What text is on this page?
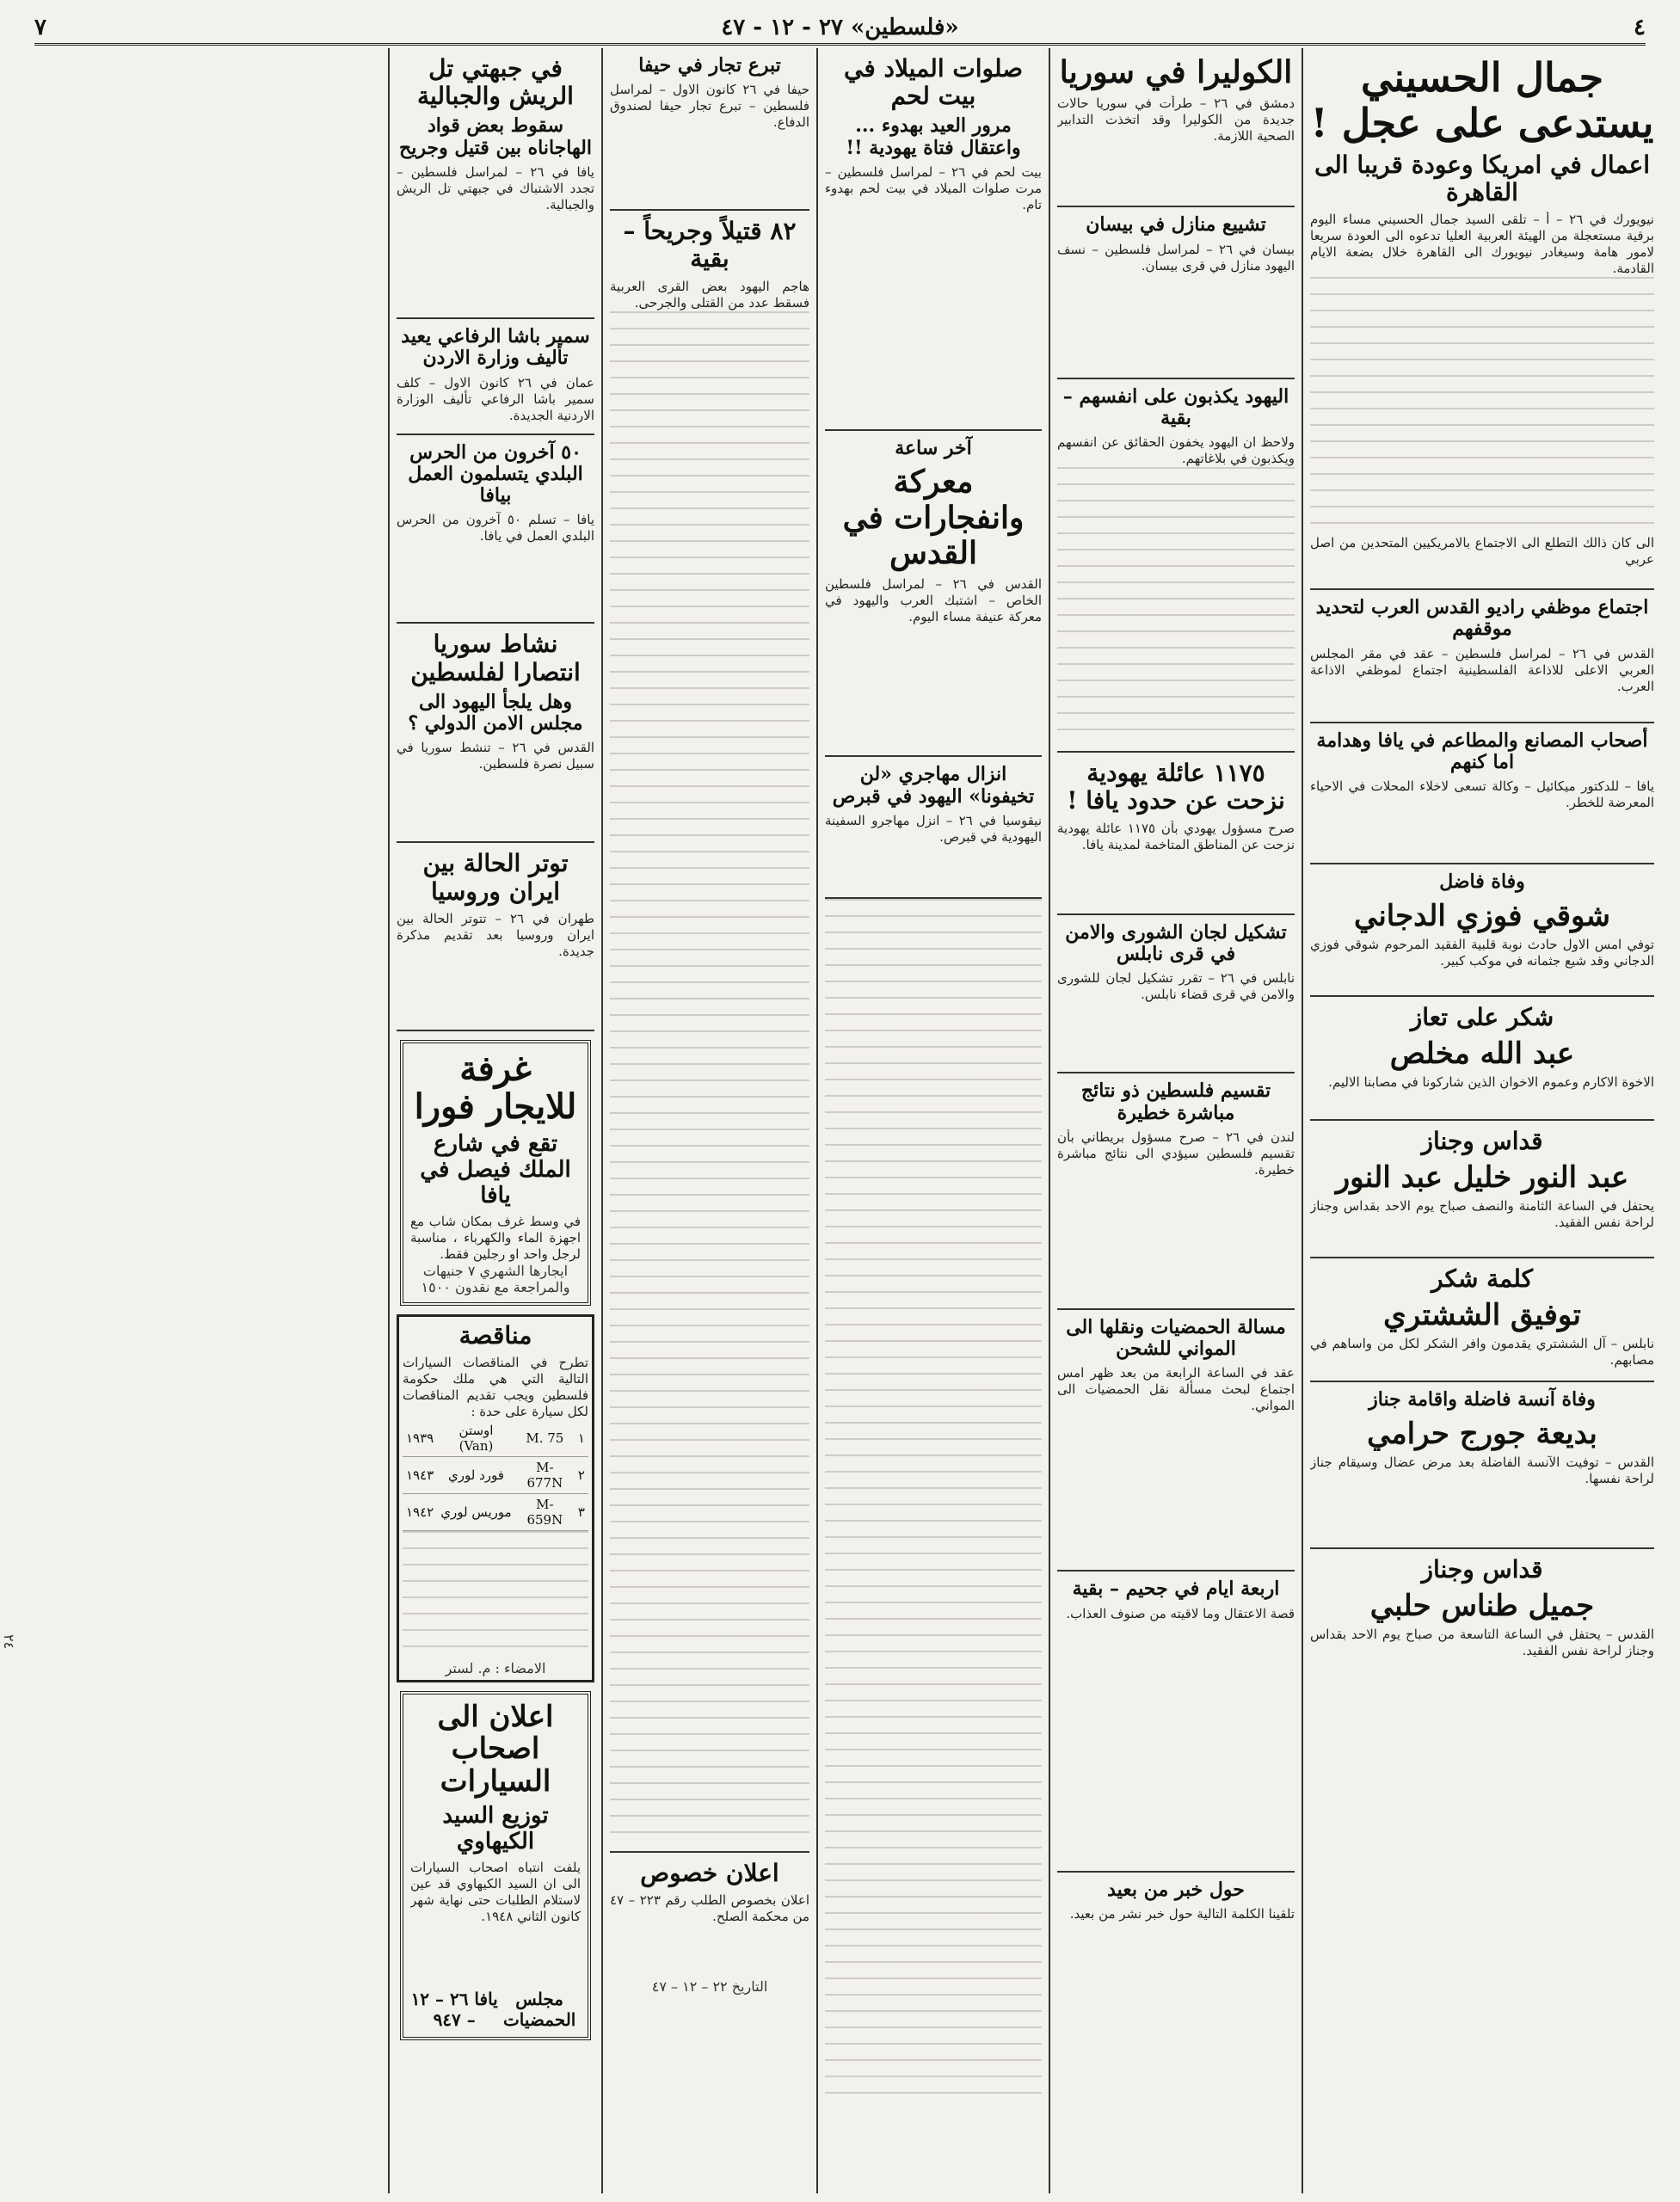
٤
«فلسطين» ٢٧ - ١٢ - ٤٧
٧
جمال الحسيني يستدعى على عجل !
اعمال في امريكا وعودة قريبا الى القاهرة
نيويورك في ٢٦ – أ – تلقى السيد جمال الحسيني مساء اليوم برقية مستعجلة من الهيئة العربية العليا تدعوه الى العودة سريعا لامور هامة وسيغادر نيويورك الى القاهرة خلال بضعة الايام القادمة.
الى كان ذالك التطلع الى الاجتماع بالامريكيين المتحدين من اصل عربي
اجتماع موظفي راديو القدس العرب لتحديد موقفهم
القدس في ٢٦ – لمراسل فلسطين – عقد في مقر المجلس العربي الاعلى للاذاعة الفلسطينية اجتماع لموظفي الاذاعة العرب.
أصحاب المصانع والمطاعم في يافا وهدامة اما كنهم
يافا – للدكتور ميكائيل – وكالة تسعى لاخلاء المحلات في الاحياء المعرضة للخطر.
وفاة فاضل
شوقي فوزي الدجاني
توفي امس الاول حادث نوبة قلبية الفقيد المرحوم شوقي فوزي الدجاني وقد شيع جثمانه في موكب كبير.
شكر على تعاز
عبد الله مخلص
الاخوة الاكارم وعموم الاخوان الذين شاركونا في مصابنا الاليم.
قداس وجناز
عبد النور خليل عبد النور
يحتفل في الساعة الثامنة والنصف صباح يوم الاحد بقداس وجناز لراحة نفس الفقيد.
كلمة شكر
توفيق الششتري
نابلس – آل الششتري يقدمون وافر الشكر لكل من واساهم في مصابهم.
وفاة آنسة فاضلة واقامة جناز
بديعة جورج حرامي
القدس – توفيت الآنسة الفاضلة بعد مرض عضال وسيقام جناز لراحة نفسها.
قداس وجناز
جميل طناس حلبي
القدس – يحتفل في الساعة التاسعة من صباح يوم الاحد بقداس وجناز لراحة نفس الفقيد.
الكوليرا في سوريا
دمشق في ٢٦ – طرأت في سوريا حالات جديدة من الكوليرا وقد اتخذت التدابير الصحية اللازمة.
تشييع منازل في بيسان
بيسان في ٢٦ – لمراسل فلسطين – نسف اليهود منازل في قرى بيسان.
اليهود يكذبون على انفسهم – بقية
ولاحظ ان اليهود يخفون الحقائق عن انفسهم ويكذبون في بلاغاتهم.
١١٧٥ عائلة يهودية نزحت عن حدود يافا !
صرح مسؤول يهودي بأن ١١٧٥ عائلة يهودية نزحت عن المناطق المتاخمة لمدينة يافا.
تشكيل لجان الشورى والامن في قرى نابلس
نابلس في ٢٦ – تقرر تشكيل لجان للشورى والامن في قرى قضاء نابلس.
تقسيم فلسطين ذو نتائج مباشرة خطيرة
لندن في ٢٦ – صرح مسؤول بريطاني بأن تقسيم فلسطين سيؤدي الى نتائج مباشرة خطيرة.
مسالة الحمضيات ونقلها الى المواني للشحن
عقد في الساعة الرابعة من بعد ظهر امس اجتماع لبحث مسألة نقل الحمضيات الى المواني.
اربعة ايام في جحيم – بقية
قصة الاعتقال وما لاقيته من صنوف العذاب.
حول خبر من بعيد
تلقينا الكلمة التالية حول خبر نشر من بعيد.
صلوات الميلاد في بيت لحم
مرور العيد بهدوء ... واعتقال فتاة يهودية !!
بيت لحم في ٢٦ – لمراسل فلسطين – مرت صلوات الميلاد في بيت لحم بهدوء تام.
آخر ساعة
معركة وانفجارات في القدس
القدس في ٢٦ – لمراسل فلسطين الخاص – اشتبك العرب واليهود في معركة عنيفة مساء اليوم.
انزال مهاجري «لن تخيفونا» اليهود في قبرص
نيقوسيا في ٢٦ – انزل مهاجرو السفينة اليهودية في قبرص.
تبرع تجار في حيفا
حيفا في ٢٦ كانون الاول – لمراسل فلسطين – تبرع تجار حيفا لصندوق الدفاع.
٨٢ قتيلاً وجريحاً – بقية
هاجم اليهود بعض القرى العربية فسقط عدد من القتلى والجرحى.
اعلان خصوص
اعلان بخصوص الطلب رقم ٢٢٣ – ٤٧ من محكمة الصلح.
التاريخ ٢٢ – ١٢ – ٤٧
في جبهتي تل الريش والجبالية
سقوط بعض قواد الهاجاناه بين قتيل وجريح
يافا في ٢٦ – لمراسل فلسطين – تجدد الاشتباك في جبهتي تل الريش والجبالية.
سمير باشا الرفاعي يعيد تأليف وزارة الاردن
عمان في ٢٦ كانون الاول – كلف سمير باشا الرفاعي تأليف الوزارة الاردنية الجديدة.
٥٠ آخرون من الحرس البلدي يتسلمون العمل بيافا
يافا – تسلم ٥٠ آخرون من الحرس البلدي العمل في يافا.
نشاط سوريا انتصارا لفلسطين
وهل يلجأ اليهود الى مجلس الامن الدولي ؟
القدس في ٢٦ – تنشط سوريا في سبيل نصرة فلسطين.
توتر الحالة بين ايران وروسيا
طهران في ٢٦ – تتوتر الحالة بين ايران وروسيا بعد تقديم مذكرة جديدة.
غرفة للايجار فورا
تقع في شارع الملك فيصل في يافا
في وسط غرف بمكان شاب مع اجهزة الماء والكهرباء ، مناسبة لرجل واحد او رجلين فقط.
ايجارها الشهري ٧ جنيهات والمراجعة مع نقدون ١٥٠٠
مناقصة
تطرح في المناقصات السيارات التالية التي هي ملك حكومة فلسطين ويجب تقديم المناقصات لكل سيارة على حدة :
١٩٣٩	اوستن (Van)	M. 75	١
١٩٤٣	فورد لوري	M-677N	٢
١٩٤٢	موريس لوري	M-659N	٣
الامضاء : م. لستر
اعلان الى اصحاب السيارات
توزيع السيد الكيهاوي
يلفت انتباه اصحاب السيارات الى ان السيد الكيهاوي قد عين لاستلام الطلبات حتى نهاية شهر كانون الثاني ١٩٤٨.
مجلس الحمضيات
يافا ٢٦ – ١٢ – ٩٤٧
٢٤
